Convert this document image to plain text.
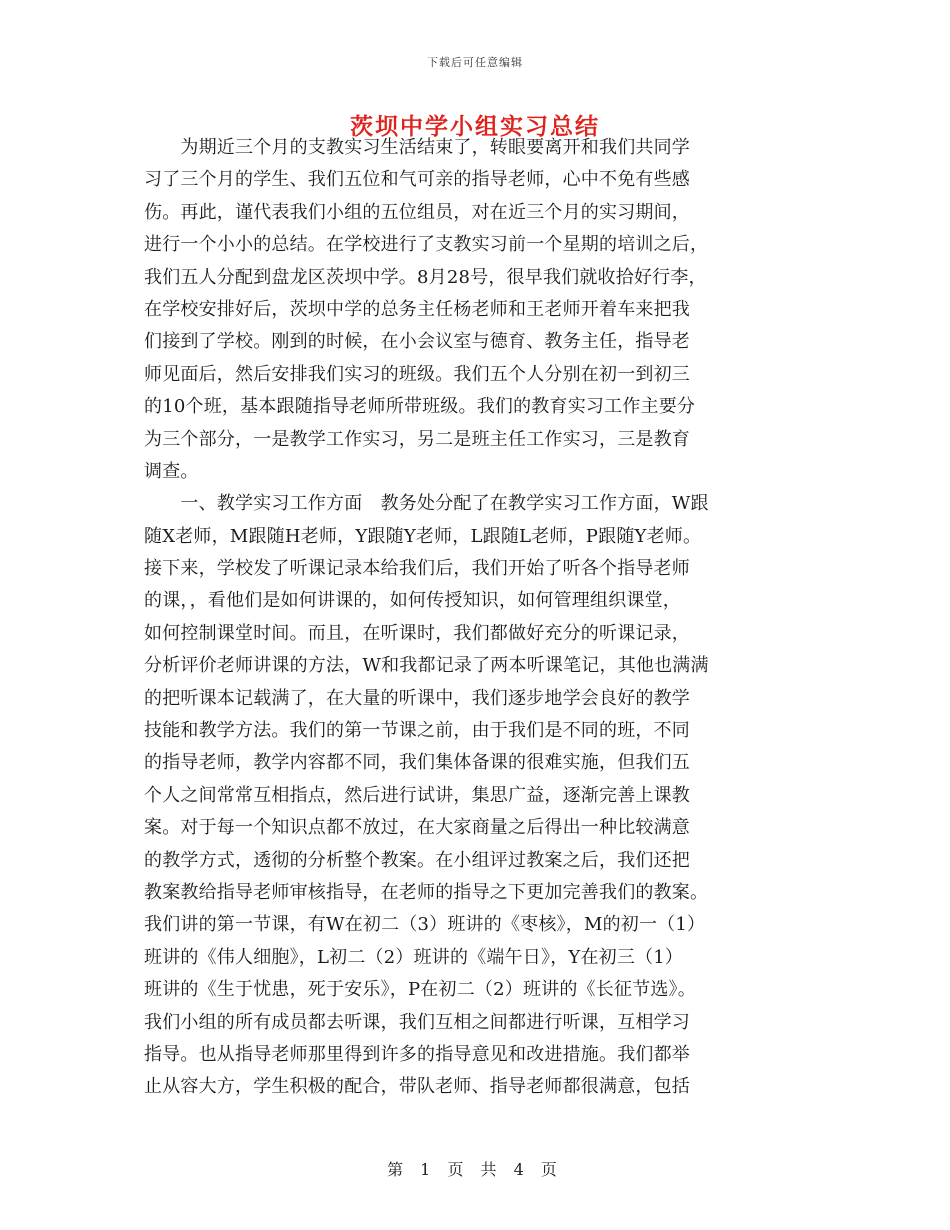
下载后可任意编辑
茨坝中学小组实习总结
　　为期近三个月的支教实习生活结束了，转眼要离开和我们共同学
习了三个月的学生、我们五位和气可亲的指导老师，心中不免有些感
伤。再此，谨代表我们小组的五位组员，对在近三个月的实习期间，
进行一个小小的总结。在学校进行了支教实习前一个星期的培训之后，
我们五人分配到盘龙区茨坝中学。8月28号，很早我们就收拾好行李，
在学校安排好后，茨坝中学的总务主任杨老师和王老师开着车来把我
们接到了学校。刚到的时候，在小会议室与德育、教务主任，指导老
师见面后，然后安排我们实习的班级。我们五个人分别在初一到初三
的10个班，基本跟随指导老师所带班级。我们的教育实习工作主要分
为三个部分，一是教学工作实习，另二是班主任工作实习，三是教育
调查。
　　一、教学实习工作方面　教务处分配了在教学实习工作方面，W跟
随X老师，M跟随H老师，Y跟随Y老师，L跟随L老师，P跟随Y老师。
接下来，学校发了听课记录本给我们后，我们开始了听各个指导老师
的课，，看他们是如何讲课的，如何传授知识，如何管理组织课堂，
如何控制课堂时间。而且，在听课时，我们都做好充分的听课记录，
分析评价老师讲课的方法，W和我都记录了两本听课笔记，其他也满满
的把听课本记载满了，在大量的听课中，我们逐步地学会良好的教学
技能和教学方法。我们的第一节课之前，由于我们是不同的班，不同
的指导老师，教学内容都不同，我们集体备课的很难实施，但我们五
个人之间常常互相指点，然后进行试讲，集思广益，逐渐完善上课教
案。对于每一个知识点都不放过，在大家商量之后得出一种比较满意
的教学方式，透彻的分析整个教案。在小组评过教案之后，我们还把
教案教给指导老师审核指导，在老师的指导之下更加完善我们的教案。
我们讲的第一节课，有W在初二（3）班讲的《枣核》，M的初一（1）
班讲的《伟人细胞》，L初二（2）班讲的《端午日》，Y在初三（1）
班讲的《生于忧患，死于安乐》，P在初二（2）班讲的《长征节选》。
我们小组的所有成员都去听课，我们互相之间都进行听课，互相学习
指导。也从指导老师那里得到许多的指导意见和改进措施。我们都举
止从容大方，学生积极的配合，带队老师、指导老师都很满意，包括
第 1 页 共 4 页
